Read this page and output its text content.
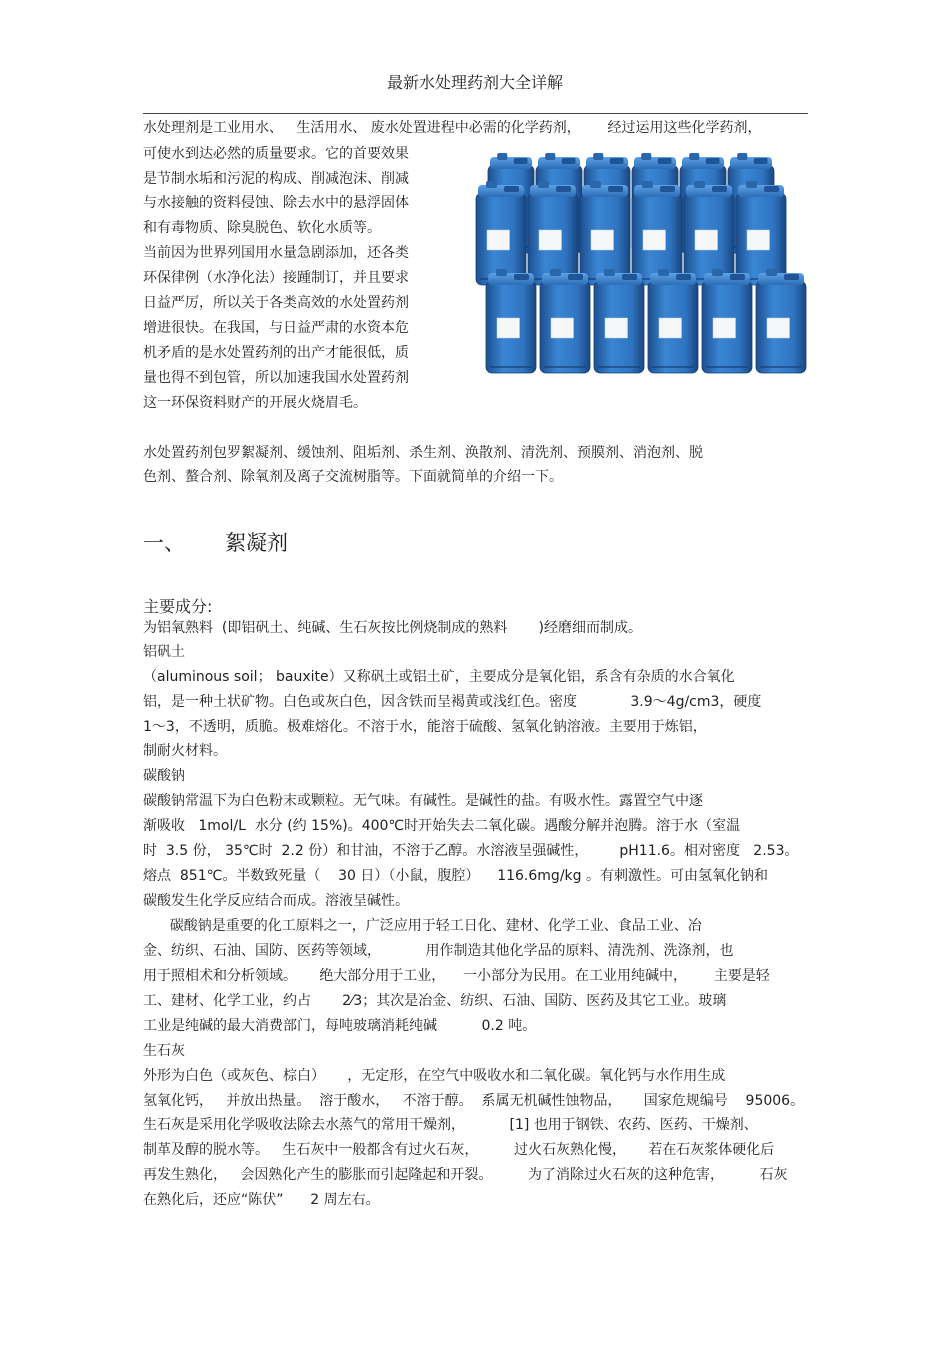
最新水处理药剂大全详解
水处理剂是工业用水、   生活用水、 废水处置进程中必需的化学药剂，      经过运用这些化学药剂，
可使水到达必然的质量要求。它的首要效果
是节制水垢和污泥的构成、削减泡沫、削减
与水接触的资料侵蚀、除去水中的悬浮固体
和有毒物质、除臭脱色、软化水质等。
当前因为世界列国用水量急剧添加，还各类
环保律例（水净化法）接踵制订，并且要求
日益严厉，所以关于各类高效的水处置药剂
增进很快。在我国，与日益严肃的水资本危
机矛盾的是水处置药剂的出产才能很低，质
量也得不到包管，所以加速我国水处置药剂
这一环保资料财产的开展火烧眉毛。
水处置药剂包罗絮凝剂、缓蚀剂、阻垢剂、杀生剂、涣散剂、清洗剂、预膜剂、消泡剂、脱
色剂、螯合剂、除氧剂及离子交流树脂等。下面就简单的介绍一下。
一、 絮凝剂
主要成分:
为铝氧熟料  (即铝矾土、纯碱、生石灰按比例烧制成的熟料       )经磨细而制成。
铝矾土
（aluminous soil； bauxite）又称矾土或铝土矿，主要成分是氧化铝，系含有杂质的水合氧化
铝，是一种土状矿物。白色或灰白色，因含铁而呈褐黄或浅红色。密度            3.9～4g/cm3，硬度
1～3，不透明，质脆。极难熔化。不溶于水，能溶于硫酸、氢氧化钠溶液。主要用于炼铝，
制耐火材料。
碳酸钠
碳酸钠常温下为白色粉末或颗粒。无气味。有碱性。是碱性的盐。有吸水性。露置空气中逐
渐吸收   1mol/L  水分 (约 15%)。400℃时开始失去二氧化碳。遇酸分解并泡腾。溶于水（室温
时  3.5 份， 35℃时  2.2 份）和甘油，不溶于乙醇。水溶液呈强碱性，       pH11.6。相对密度   2.53。
熔点  851℃。半数致死量（    30 日）（小鼠，腹腔）    116.6mg/kg 。有刺激性。可由氢氧化钠和
碳酸发生化学反应结合而成。溶液呈碱性。
碳酸钠是重要的化工原料之一，广泛应用于轻工日化、建材、化学工业、食品工业、冶
金、纺织、石油、国防、医药等领域，          用作制造其他化学品的原料、清洗剂、洗涤剂，也
用于照相术和分析领域。     绝大部分用于工业，    一小部分为民用。在工业用纯碱中，      主要是轻
工、建材、化学工业，约占       2⁄3；其次是冶金、纺织、石油、国防、医药及其它工业。玻璃
工业是纯碱的最大消费部门，每吨玻璃消耗纯碱          0.2 吨。
生石灰
外形为白色（或灰色、棕白）     ，无定形，在空气中吸收水和二氧化碳。氧化钙与水作用生成
氢氧化钙，   并放出热量。  溶于酸水，   不溶于醇。  系属无机碱性蚀物品，     国家危规编号    95006。
生石灰是采用化学吸收法除去水蒸气的常用干燥剂，          [1] 也用于钢铁、农药、医药、干燥剂、
制革及醇的脱水等。   生石灰中一般都含有过火石灰，        过火石灰熟化慢，     若在石灰浆体硬化后
再发生熟化，   会因熟化产生的膨胀而引起隆起和开裂。        为了消除过火石灰的这种危害，        石灰
在熟化后，还应“陈伏”      2 周左右。
